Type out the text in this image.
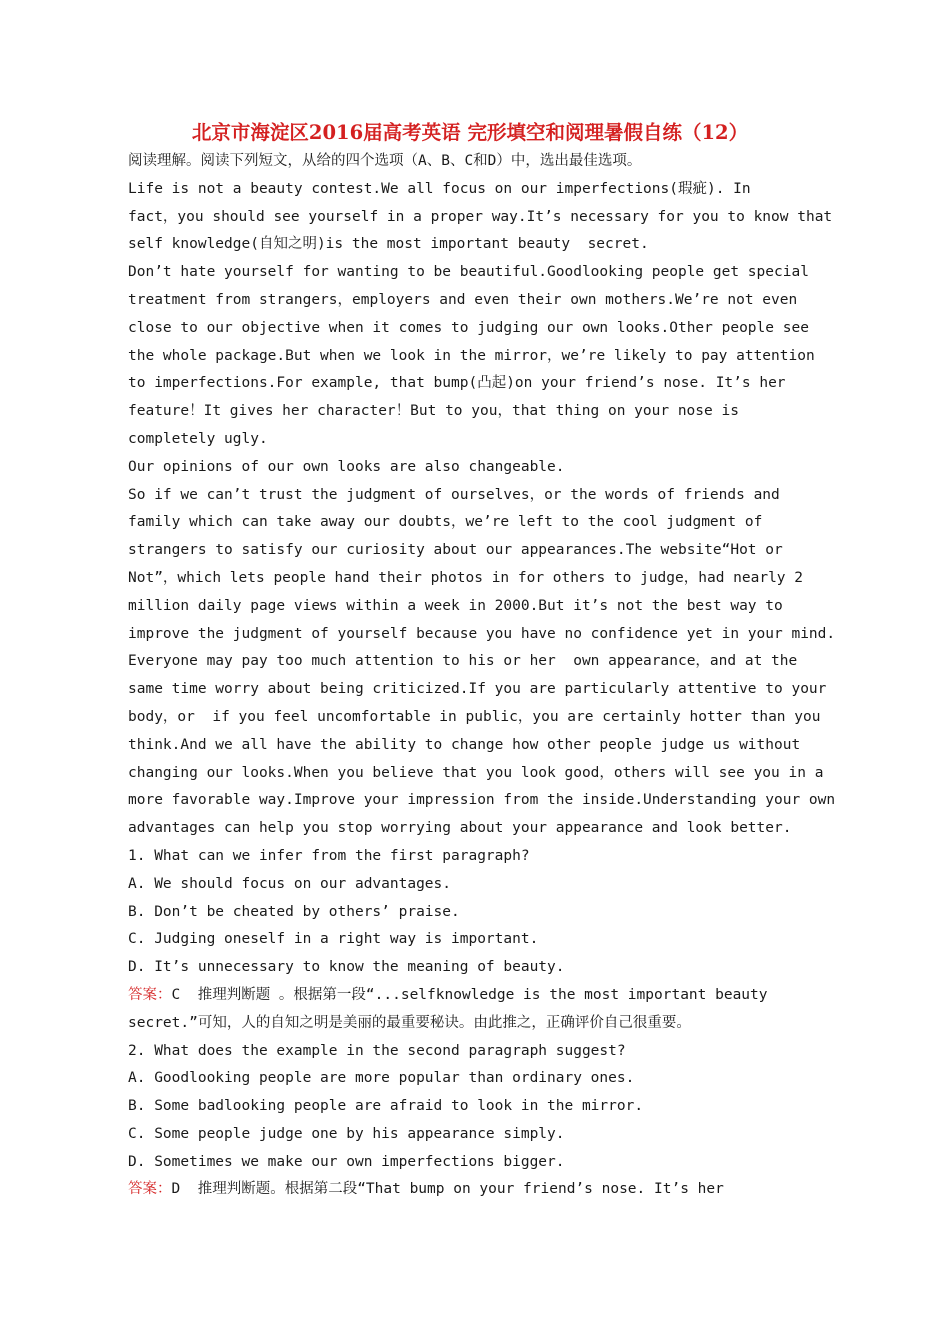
北京市海淀区2016届高考英语 完形填空和阅理暑假自练（12）
阅读理解。阅读下列短文，从给的四个选项（A、B、C和D）中，选出最佳选项。
Life is not a beauty contest.We all focus on our imperfections(瑕疵). In
fact，you should see yourself in a proper way.It’s necessary for you to know that
self knowledge(自知之明)is the most important beauty  secret.
Don’t hate yourself for wanting to be beautiful.Goodlooking people get special
treatment from strangers，employers and even their own mothers.We’re not even
close to our objective when it comes to judging our own looks.Other people see
the whole package.But when we look in the mirror，we’re likely to pay attention
to imperfections.For example, that bump(凸起)on your friend’s nose. It’s her
feature！It gives her character！But to you，that thing on your nose is
completely ugly.
Our opinions of our own looks are also changeable.
So if we can’t trust the judgment of ourselves，or the words of friends and
family which can take away our doubts，we’re left to the cool judgment of
strangers to satisfy our curiosity about our appearances.The website“Hot or
Not”，which lets people hand their photos in for others to judge，had nearly 2
million daily page views within a week in 2000.But it’s not the best way to
improve the judgment of yourself because you have no confidence yet in your mind.
Everyone may pay too much attention to his or her  own appearance，and at the
same time worry about being criticized.If you are particularly attentive to your
body，or  if you feel uncomfortable in public，you are certainly hotter than you
think.And we all have the ability to change how other people judge us without
changing our looks.When you believe that you look good，others will see you in a
more favorable way.Improve your impression from the inside.Understanding your own
advantages can help you stop worrying about your appearance and look better.
1. What can we infer from the first paragraph?
A. We should focus on our advantages.
B. Don’t be cheated by others’ praise.
C. Judging oneself in a right way is important.
D. It’s unnecessary to know the meaning of beauty.
答案：C  推理判断题 。根据第一段“...selfknowledge is the most important beauty
secret.”可知，人的自知之明是美丽的最重要秘诀。由此推之，正确评价自己很重要。
2. What does the example in the second paragraph suggest?
A. Goodlooking people are more popular than ordinary ones.
B. Some badlooking people are afraid to look in the mirror.
C. Some people judge one by his appearance simply.
D. Sometimes we make our own imperfections bigger.
答案：D  推理判断题。根据第二段“That bump on your friend’s nose. It’s her
